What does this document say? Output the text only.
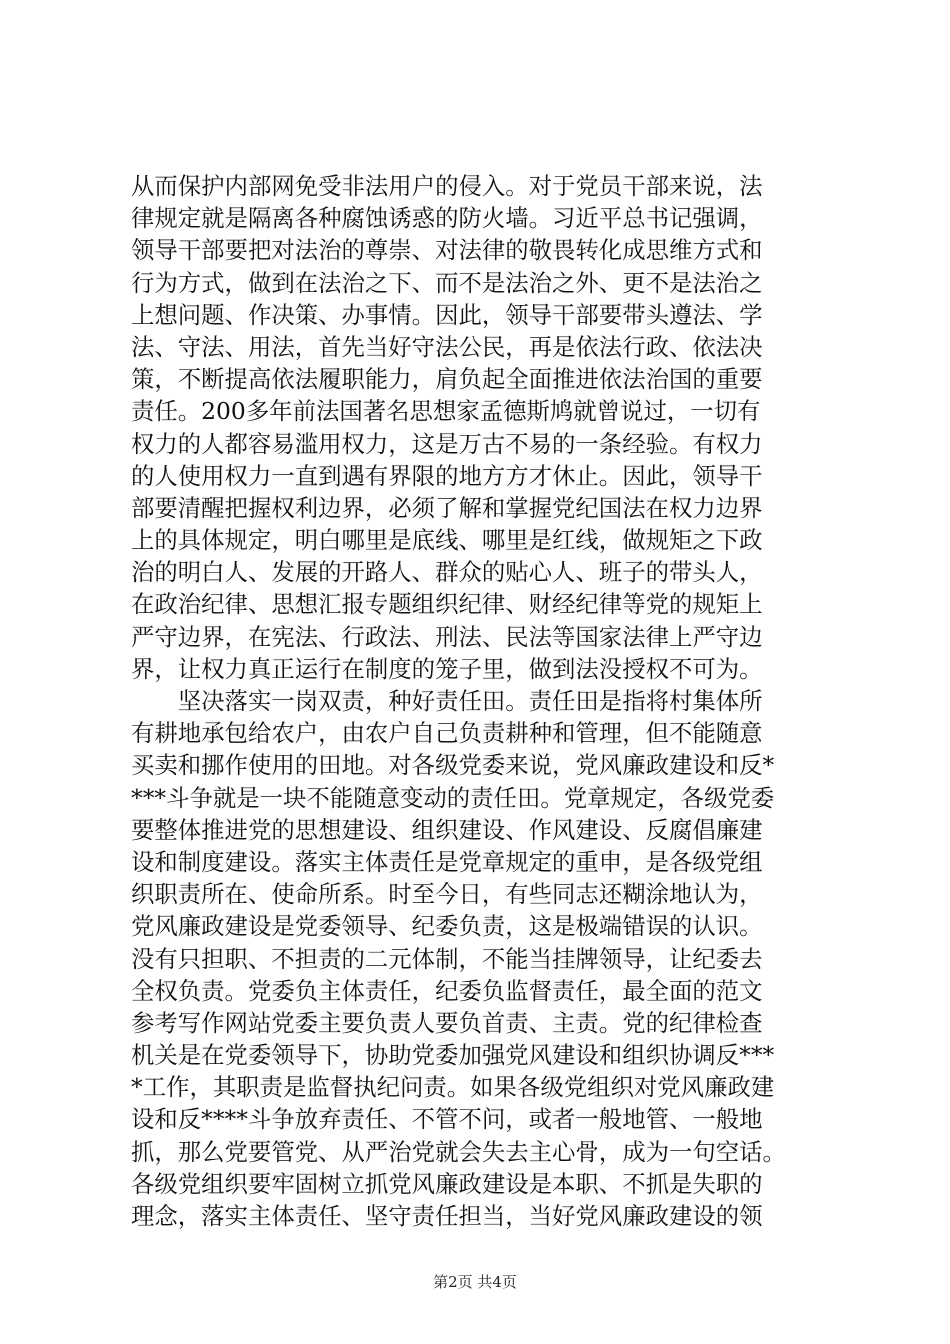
从而保护内部网免受非法用户的侵入。对于党员干部来说，法
律规定就是隔离各种腐蚀诱惑的防火墙。习近平总书记强调，
领导干部要把对法治的尊崇、对法律的敬畏转化成思维方式和
行为方式，做到在法治之下、而不是法治之外、更不是法治之
上想问题、作决策、办事情。因此，领导干部要带头遵法、学
法、守法、用法，首先当好守法公民，再是依法行政、依法决
策，不断提高依法履职能力，肩负起全面推进依法治国的重要
责任。200多年前法国著名思想家孟德斯鸠就曾说过，一切有
权力的人都容易滥用权力，这是万古不易的一条经验。有权力
的人使用权力一直到遇有界限的地方方才休止。因此，领导干
部要清醒把握权利边界，必须了解和掌握党纪国法在权力边界
上的具体规定，明白哪里是底线、哪里是红线，做规矩之下政
治的明白人、发展的开路人、群众的贴心人、班子的带头人，
在政治纪律、思想汇报专题组织纪律、财经纪律等党的规矩上
严守边界，在宪法、行政法、刑法、民法等国家法律上严守边
界，让权力真正运行在制度的笼子里，做到法没授权不可为。
　　坚决落实一岗双责，种好责任田。责任田是指将村集体所
有耕地承包给农户，由农户自己负责耕种和管理，但不能随意
买卖和挪作使用的田地。对各级党委来说，党风廉政建设和反*
***斗争就是一块不能随意变动的责任田。党章规定，各级党委
要整体推进党的思想建设、组织建设、作风建设、反腐倡廉建
设和制度建设。落实主体责任是党章规定的重申，是各级党组
织职责所在、使命所系。时至今日，有些同志还糊涂地认为，
党风廉政建设是党委领导、纪委负责，这是极端错误的认识。
没有只担职、不担责的二元体制，不能当挂牌领导，让纪委去
全权负责。党委负主体责任，纪委负监督责任，最全面的范文
参考写作网站党委主要负责人要负首责、主责。党的纪律检查
机关是在党委领导下，协助党委加强党风建设和组织协调反***
*工作，其职责是监督执纪问责。如果各级党组织对党风廉政建
设和反****斗争放弃责任、不管不问，或者一般地管、一般地
抓，那么党要管党、从严治党就会失去主心骨，成为一句空话。
各级党组织要牢固树立抓党风廉政建设是本职、不抓是失职的
理念，落实主体责任、坚守责任担当，当好党风廉政建设的领
第2页 共4页
